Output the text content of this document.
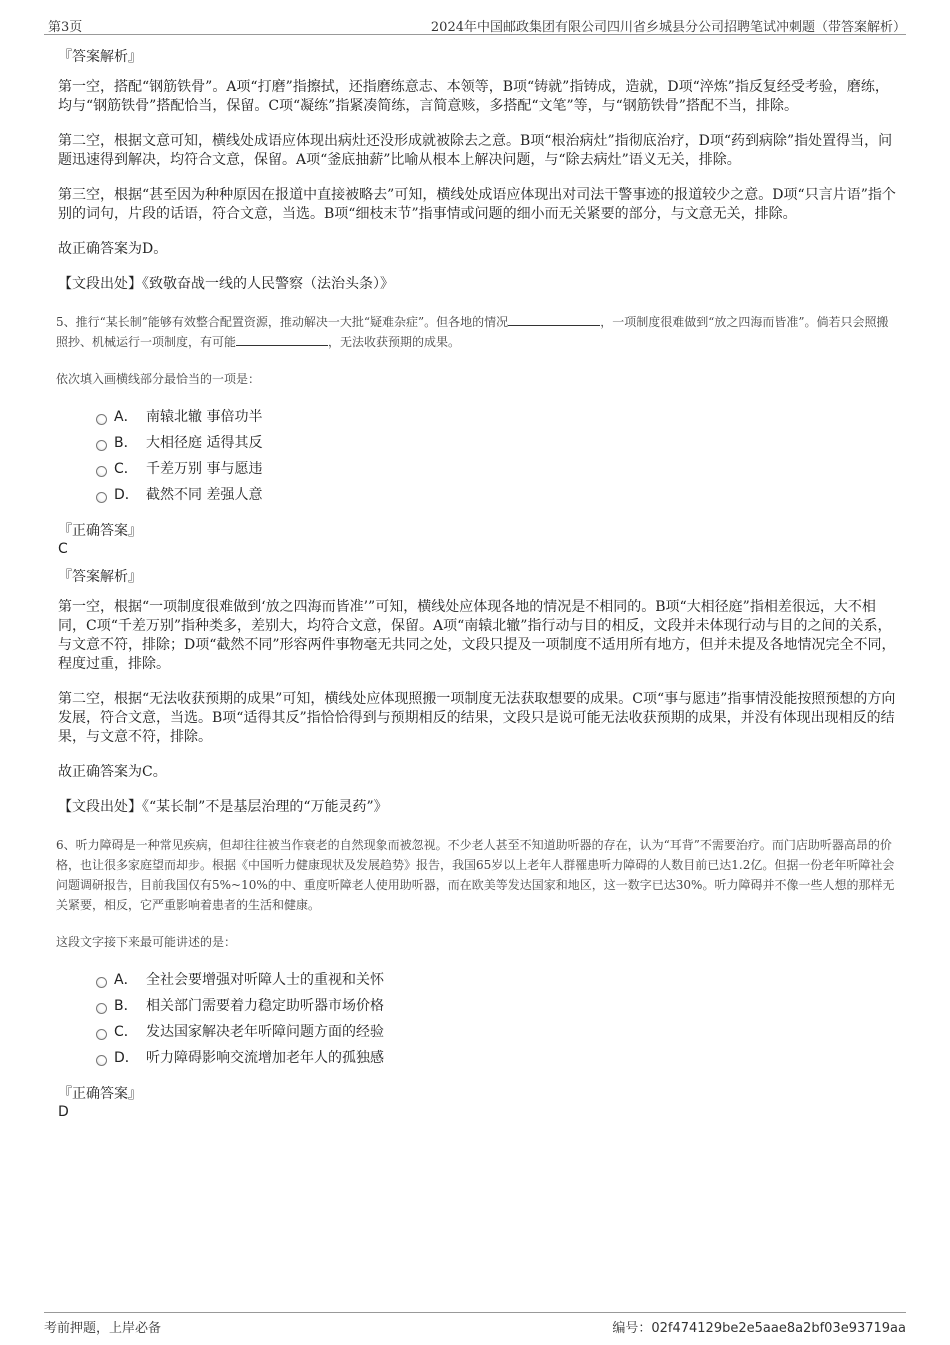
第3页	2024年中国邮政集团有限公司四川省乡城县分公司招聘笔试冲刺题（带答案解析）
『答案解析』

第一空，搭配“钢筋铁骨”。A项“打磨”指擦拭，还指磨练意志、本领等，B项“铸就”指铸成，造就，D项“淬炼”指反复经受考验，磨练，均与“钢筋铁骨”搭配恰当，保留。C项“凝练”指紧凑简练，言简意赅，多搭配“文笔”等，与“钢筋铁骨”搭配不当，排除。

第二空，根据文意可知，横线处成语应体现出病灶还没形成就被除去之意。B项“根治病灶”指彻底治疗，D项“药到病除”指处置得当，问题迅速得到解决，均符合文意，保留。A项“釜底抽薪”比喻从根本上解决问题，与“除去病灶”语义无关，排除。

第三空，根据“甚至因为种种原因在报道中直接被略去”可知，横线处成语应体现出对司法干警事迹的报道较少之意。D项“只言片语”指个别的词句，片段的话语，符合文意，当选。B项“细枝末节”指事情或问题的细小而无关紧要的部分，与文意无关，排除。

故正确答案为D。

【文段出处】《致敬奋战一线的人民警察（法治头条）》

5、推行“某长制”能够有效整合配置资源，推动解决一大批“疑难杂症”。但各地的情况	，一项制度很难做到“放之四海而皆准”。倘若只会照搬照抄、机械运行一项制度，有可能	，无法收获预期的成果。

依次填入画横线部分最恰当的一项是：

A． 南辕北辙 事倍功半
B． 大相径庭 适得其反
C． 千差万别 事与愿违
D． 截然不同 差强人意
『正确答案』
C
『答案解析』

第一空，根据“一项制度很难做到‘放之四海而皆准’”可知，横线处应体现各地的情况是不相同的。B项“大相径庭”指相差很远，大不相同，C项“千差万别”指种类多，差别大，均符合文意，保留。A项“南辕北辙”指行动与目的相反，文段并未体现行动与目的之间的关系，与文意不符，排除；D项“截然不同”形容两件事物毫无共同之处，文段只提及一项制度不适用所有地方，但并未提及各地情况完全不同，程度过重，排除。

第二空，根据“无法收获预期的成果”可知，横线处应体现照搬一项制度无法获取想要的成果。C项“事与愿违”指事情没能按照预想的方向发展，符合文意，当选。B项“适得其反”指恰恰得到与预期相反的结果，文段只是说可能无法收获预期的成果，并没有体现出现相反的结果，与文意不符，排除。

故正确答案为C。

【文段出处】《“某长制”不是基层治理的“万能灵药”》

6、听力障碍是一种常见疾病，但却往往被当作衰老的自然现象而被忽视。不少老人甚至不知道助听器的存在，认为“耳背”不需要治疗。而门店助听器高昂的价格，也让很多家庭望而却步。根据《中国听力健康现状及发展趋势》报告，我国65岁以上老年人群罹患听力障碍的人数目前已达1.2亿。但据一份老年听障社会问题调研报告，目前我国仅有5%~10%的中、重度听障老人使用助听器，而在欧美等发达国家和地区，这一数字已达30%。听力障碍并不像一些人想的那样无关紧要，相反，它严重影响着患者的生活和健康。

这段文字接下来最可能讲述的是：

A． 全社会要增强对听障人士的重视和关怀
B． 相关部门需要着力稳定助听器市场价格
C． 发达国家解决老年听障问题方面的经验
D． 听力障碍影响交流增加老年人的孤独感
『正确答案』
D
考前押题，上岸必备	编号：02f474129be2e5aae8a2bf03e93719aa
